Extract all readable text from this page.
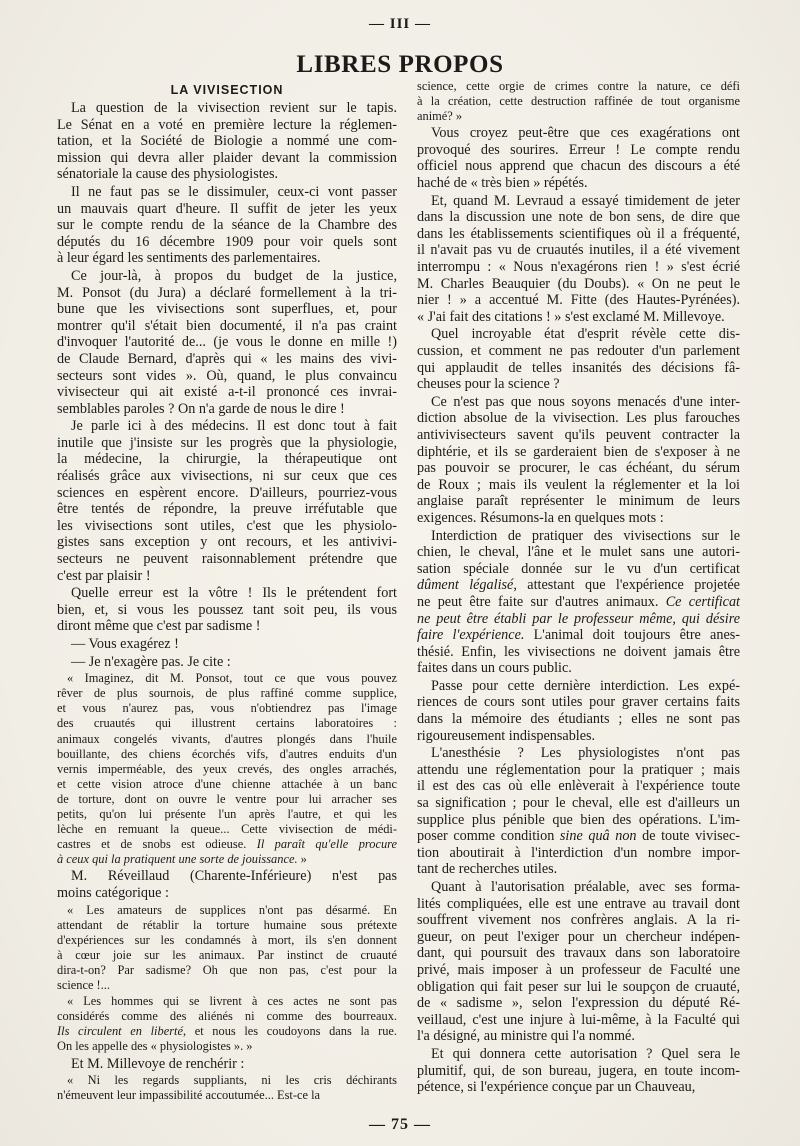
— III —
LIBRES PROPOS
LA VIVISECTION
La question de la vivisection revient sur le tapis.
Le Sénat en a voté en première lecture la réglemen-
tation, et la Société de Biologie a nommé une com-
mission qui devra aller plaider devant la commission
sénatoriale la cause des physiologistes.
Il ne faut pas se le dissimuler, ceux-ci vont passer
un mauvais quart d'heure. Il suffit de jeter les yeux
sur le compte rendu de la séance de la Chambre des
députés du 16 décembre 1909 pour voir quels sont
à leur égard les sentiments des parlementaires.
Ce jour-là, à propos du budget de la justice,
M. Ponsot (du Jura) a déclaré formellement à la tri-
bune que les vivisections sont superflues, et, pour
montrer qu'il s'était bien documenté, il n'a pas craint
d'invoquer l'autorité de... (je vous le donne en mille !)
de Claude Bernard, d'après qui « les mains des vivi-
secteurs sont vides ». Où, quand, le plus convaincu
vivisecteur qui ait existé a-t-il prononcé ces invrai-
semblables paroles ? On n'a garde de nous le dire !
Je parle ici à des médecins. Il est donc tout à fait
inutile que j'insiste sur les progrès que la physiologie,
la médecine, la chirurgie, la thérapeutique ont
réalisés grâce aux vivisections, ni sur ceux que ces
sciences en espèrent encore. D'ailleurs, pourriez-vous
être tentés de répondre, la preuve irréfutable que
les vivisections sont utiles, c'est que les physiolo-
gistes sans exception y ont recours, et les antivivi-
secteurs ne peuvent raisonnablement prétendre que
c'est par plaisir !
Quelle erreur est la vôtre ! Ils le prétendent fort
bien, et, si vous les poussez tant soit peu, ils vous
diront même que c'est par sadisme !
— Vous exagérez !
— Je n'exagère pas. Je cite :
« Imaginez, dit M. Ponsot, tout ce que vous pouvez
rêver de plus sournois, de plus raffiné comme supplice,
et vous n'aurez pas, vous n'obtiendrez pas l'image
des cruautés qui illustrent certains laboratoires :
animaux congelés vivants, d'autres plongés dans l'huile
bouillante, des chiens écorchés vifs, d'autres enduits d'un
vernis imperméable, des yeux crevés, des ongles arrachés,
et cette vision atroce d'une chienne attachée à un banc
de torture, dont on ouvre le ventre pour lui arracher ses
petits, qu'on lui présente l'un après l'autre, et qui les
lèche en remuant la queue... Cette vivisection de médi-
castres et de snobs est odieuse. Il paraît qu'elle procure
à ceux qui la pratiquent une sorte de jouissance. »
M. Réveillaud (Charente-Inférieure) n'est pas
moins catégorique :
« Les amateurs de supplices n'ont pas désarmé. En
attendant de rétablir la torture humaine sous prétexte
d'expériences sur les condamnés à mort, ils s'en donnent
à cœur joie sur les animaux. Par instinct de cruauté
dira-t-on? Par sadisme? Oh que non pas, c'est pour la
science !...
« Les hommes qui se livrent à ces actes ne sont pas
considérés comme des aliénés ni comme des bourreaux.
Ils circulent en liberté, et nous les coudoyons dans la rue.
On les appelle des « physiologistes ». »
Et M. Millevoye de renchérir :
« Ni les regards suppliants, ni les cris déchirants
n'émeuvent leur impassibilité accoutumée... Est-ce la
science, cette orgie de crimes contre la nature, ce défi
à la création, cette destruction raffinée de tout organisme
animé? »
Vous croyez peut-être que ces exagérations ont
provoqué des sourires. Erreur ! Le compte rendu
officiel nous apprend que chacun des discours a été
haché de « très bien » répétés.
Et, quand M. Levraud a essayé timidement de jeter
dans la discussion une note de bon sens, de dire que
dans les établissements scientifiques où il a fréquenté,
il n'avait pas vu de cruautés inutiles, il a été vivement
interrompu : « Nous n'exagérons rien ! » s'est écrié
M. Charles Beauquier (du Doubs). « On ne peut le
nier ! » a accentué M. Fitte (des Hautes-Pyrénées).
« J'ai fait des citations ! » s'est exclamé M. Millevoye.
Quel incroyable état d'esprit révèle cette dis-
cussion, et comment ne pas redouter d'un parlement
qui applaudit de telles insanités des décisions fâ-
cheuses pour la science ?
Ce n'est pas que nous soyons menacés d'une inter-
diction absolue de la vivisection. Les plus farouches
antivivisecteurs savent qu'ils peuvent contracter la
diphtérie, et ils se garderaient bien de s'exposer à ne
pas pouvoir se procurer, le cas échéant, du sérum
de Roux ; mais ils veulent la réglementer et la loi
anglaise paraît représenter le minimum de leurs
exigences. Résumons-la en quelques mots :
Interdiction de pratiquer des vivisections sur le
chien, le cheval, l'âne et le mulet sans une autori-
sation spéciale donnée sur le vu d'un certificat
dûment légalisé, attestant que l'expérience projetée
ne peut être faite sur d'autres animaux. Ce certificat
ne peut être établi par le professeur même, qui désire
faire l'expérience. L'animal doit toujours être anes-
thésié. Enfin, les vivisections ne doivent jamais être
faites dans un cours public.
Passe pour cette dernière interdiction. Les expé-
riences de cours sont utiles pour graver certains faits
dans la mémoire des étudiants ; elles ne sont pas
rigoureusement indispensables.
L'anesthésie ? Les physiologistes n'ont pas
attendu une réglementation pour la pratiquer ; mais
il est des cas où elle enlèverait à l'expérience toute
sa signification ; pour le cheval, elle est d'ailleurs un
supplice plus pénible que bien des opérations. L'im-
poser comme condition sine quâ non de toute vivisec-
tion aboutirait à l'interdiction d'un nombre impor-
tant de recherches utiles.
Quant à l'autorisation préalable, avec ses forma-
lités compliquées, elle est une entrave au travail dont
souffrent vivement nos confrères anglais. A la ri-
gueur, on peut l'exiger pour un chercheur indépen-
dant, qui poursuit des travaux dans son laboratoire
privé, mais imposer à un professeur de Faculté une
obligation qui fait peser sur lui le soupçon de cruauté,
de « sadisme », selon l'expression du député Ré-
veillaud, c'est une injure à lui-même, à la Faculté qui
l'a désigné, au ministre qui l'a nommé.
Et qui donnera cette autorisation ? Quel sera le
plumitif, qui, de son bureau, jugera, en toute incom-
pétence, si l'expérience conçue par un Chauveau,
— 75 —
